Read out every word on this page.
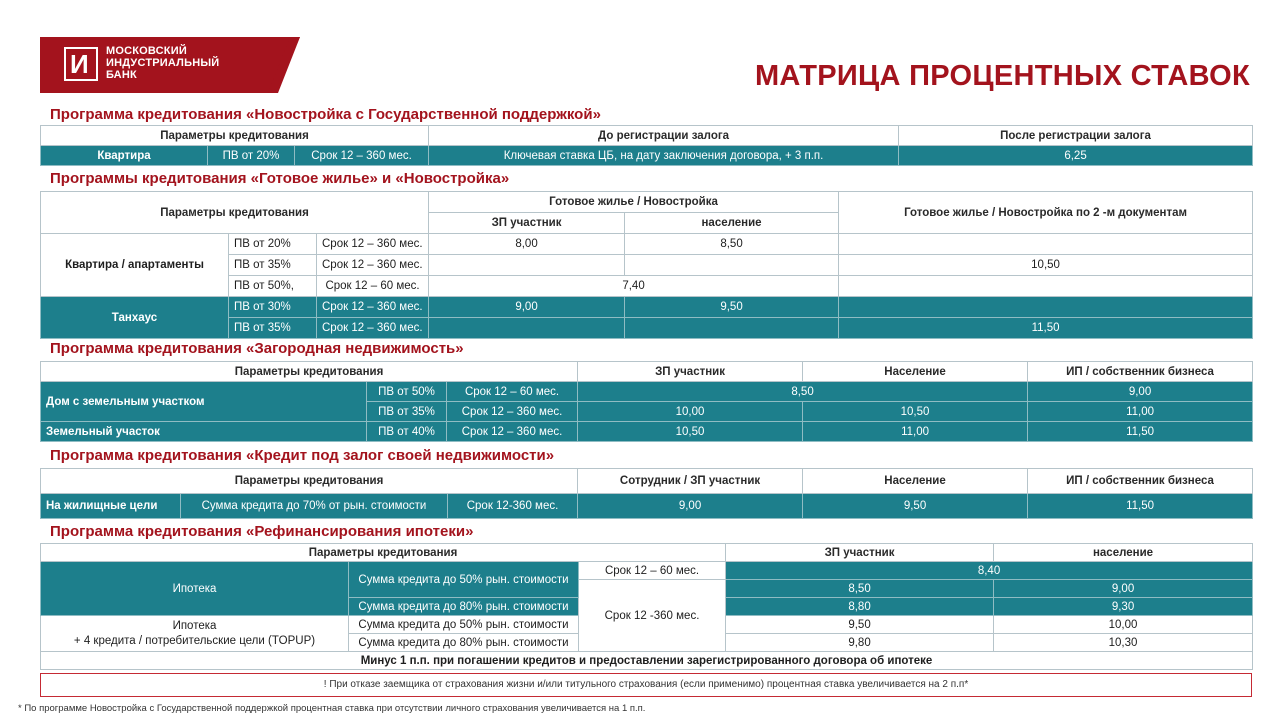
И МОСКОВСКИЙ
ИНДУСТРИАЛЬНЫЙ
БАНК	МАТРИЦА ПРОЦЕНТНЫХ СТАВОК
Программа кредитования «Новостройка с Государственной поддержкой»
Параметры кредитования			До регистрации залога	После регистрации залога
Квартира	ПВ от 20%	Срок 12 – 360 мес.	Ключевая ставка ЦБ, на дату заключения договора, + 3 п.п.	6,25
Программы кредитования «Готовое жилье» и «Новостройка»
Параметры кредитования			Готовое жилье / Новостройка		Готовое жилье / Новостройка по 2 -м документам
			ЗП участник	население	
Квартира / апартаменты	ПВ от 20%	Срок 12 – 360 мес.	8,00	8,50	
	ПВ от 35%	Срок 12 – 360 мес.			10,50
	ПВ от 50%,	Срок 12 – 60 мес.	7,40		
Танхаус	ПВ от 30%	Срок 12 – 360 мес.	9,00	9,50	
	ПВ от 35%	Срок 12 – 360 мес.			11,50
Программа кредитования «Загородная недвижимость»
Параметры кредитования			ЗП участник	Население	ИП / собственник бизнеса
Дом с земельным участком	ПВ от 50%	Срок 12 – 60 мес.	8,50		9,00
	ПВ от 35%	Срок 12 – 360 мес.	10,00	10,50	11,00
Земельный участок	ПВ от 40%	Срок 12 – 360 мес.	10,50	11,00	11,50
Программа кредитования «Кредит под залог своей недвижимости»
Параметры кредитования			Сотрудник / ЗП участник	Население	ИП / собственник бизнеса
На жилищные цели	Сумма кредита до 70% от рын. стоимости	Срок 12-360 мес.	9,00	9,50	11,50
Программа кредитования «Рефинансирования ипотеки»
Параметры кредитования			ЗП участник	население
Ипотека	Сумма кредита до 50% рын. стоимости	Срок 12 – 60 мес.	8,40	
		Срок 12 -360 мес.	8,50	9,00
	Сумма кредита до 80% рын. стоимости		8,80	9,30

Ипотека
+ 4 кредита / потребительские цели (TOPUP)	Сумма кредита до 50% рын. стоимости		9,50	10,00
	Сумма кредита до 80% рын. стоимости		9,80	10,30
Минус 1 п.п. при погашении кредитов и предоставлении зарегистрированного договора об ипотеке				
! При отказе заемщика от страхования жизни и/или титульного страхования (если применимо) процентная ставка увеличивается на 2 п.п*
* По программе Новостройка с Государственной поддержкой процентная ставка при отсутствии личного страхования увеличивается на 1 п.п.
